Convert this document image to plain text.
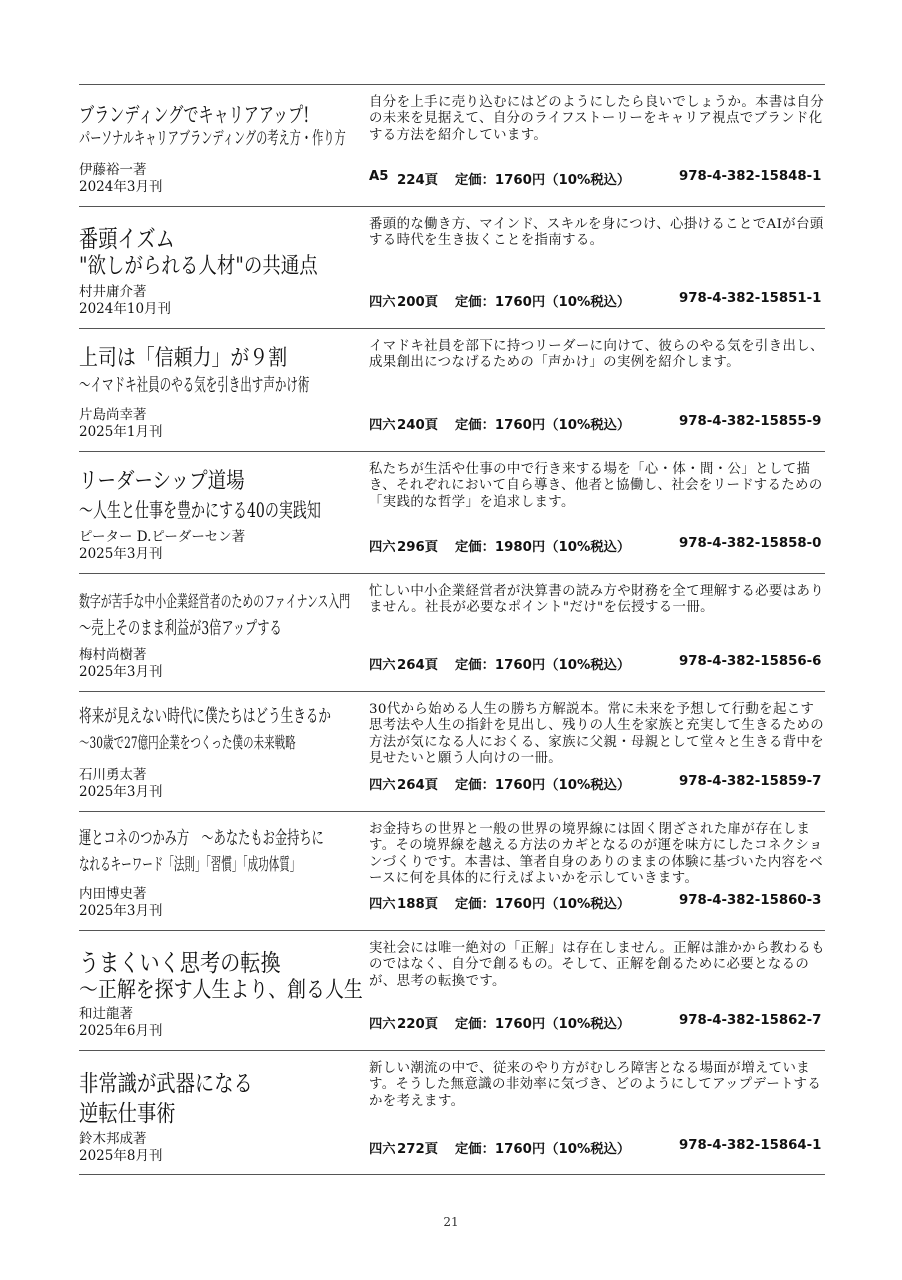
ブランディングでキャリアアップ!
パーソナルキャリアブランディングの考え方・作り方
自分を上手に売り込むにはどのようにしたら良いでしょうか。本書は自分の未来を見据えて、自分のライフストーリーをキャリア視点でブランド化する方法を紹介しています。
伊藤裕一著
2024年3月刊
A5 224頁	定価：1760円（10%税込）	978-4-382-15848-1
番頭イズム
"欲しがられる人材"の共通点
番頭的な働き方、マインド、スキルを身につけ、心掛けることでAIが台頭する時代を生き抜くことを指南する。
村井庸介著
2024年10月刊	四六 200頁	定価：1760円（10%税込）	978-4-382-15851-1
上司は「信頼力」が９割
～イマドキ社員のやる気を引き出す声かけ術
イマドキ社員を部下に持つリーダーに向けて、彼らのやる気を引き出し、成果創出につなげるための「声かけ」の実例を紹介します。
片島尚幸著
2025年1月刊	四六 240頁	定価：1760円（10%税込）	978-4-382-15855-9
リーダーシップ道場
～人生と仕事を豊かにする40の実践知
私たちが生活や仕事の中で行き来する場を「心・体・間・公」として描き、それぞれにおいて自ら導き、他者と協働し、社会をリードするための「実践的な哲学」を追求します。
ピーター D.ピーダーセン著
2025年3月刊	四六 296頁	定価：1980円（10%税込）	978-4-382-15858-0
数字が苦手な中小企業経営者のためのファイナンス入門
～売上そのまま利益が3倍アップする
忙しい中小企業経営者が決算書の読み方や財務を全て理解する必要はありません。社長が必要なポイント"だけ"を伝授する一冊。
梅村尚樹著
2025年3月刊	四六 264頁	定価：1760円（10%税込）	978-4-382-15856-6
将来が見えない時代に僕たちはどう生きるか
～30歳で27億円企業をつくった僕の未来戦略
30代から始める人生の勝ち方解説本。常に未来を予想して行動を起こす思考法や人生の指針を見出し、残りの人生を家族と充実して生きるための方法が気になる人におくる、家族に父親・母親として堂々と生きる背中を見せたいと願う人向けの一冊。
石川勇太著
2025年3月刊	四六 264頁	定価：1760円（10%税込）	978-4-382-15859-7
運とコネのつかみ方　～あなたもお金持ちに
なれるキーワード「法則」「習慣」「成功体質」
お金持ちの世界と一般の世界の境界線には固く閉ざされた扉が存在します。その境界線を越える方法のカギとなるのが運を味方にしたコネクションづくりです。本書は、筆者自身のありのままの体験に基づいた内容をベースに何を具体的に行えばよいかを示していきます。
内田博史著
2025年3月刊	四六 188頁	定価：1760円（10%税込）	978-4-382-15860-3
うまくいく思考の転換
～正解を探す人生より、創る人生
実社会には唯一絶対の「正解」は存在しません。正解は誰かから教わるものではなく、自分で創るもの。そして、正解を創るために必要となるのが、思考の転換です。
和辻龍著
2025年6月刊	四六 220頁	定価：1760円（10%税込）	978-4-382-15862-7
非常識が武器になる
逆転仕事術
新しい潮流の中で、従来のやり方がむしろ障害となる場面が増えています。そうした無意識の非効率に気づき、どのようにしてアップデートするかを考えます。
鈴木邦成著
2025年8月刊	四六 272頁	定価：1760円（10%税込）	978-4-382-15864-1
21
